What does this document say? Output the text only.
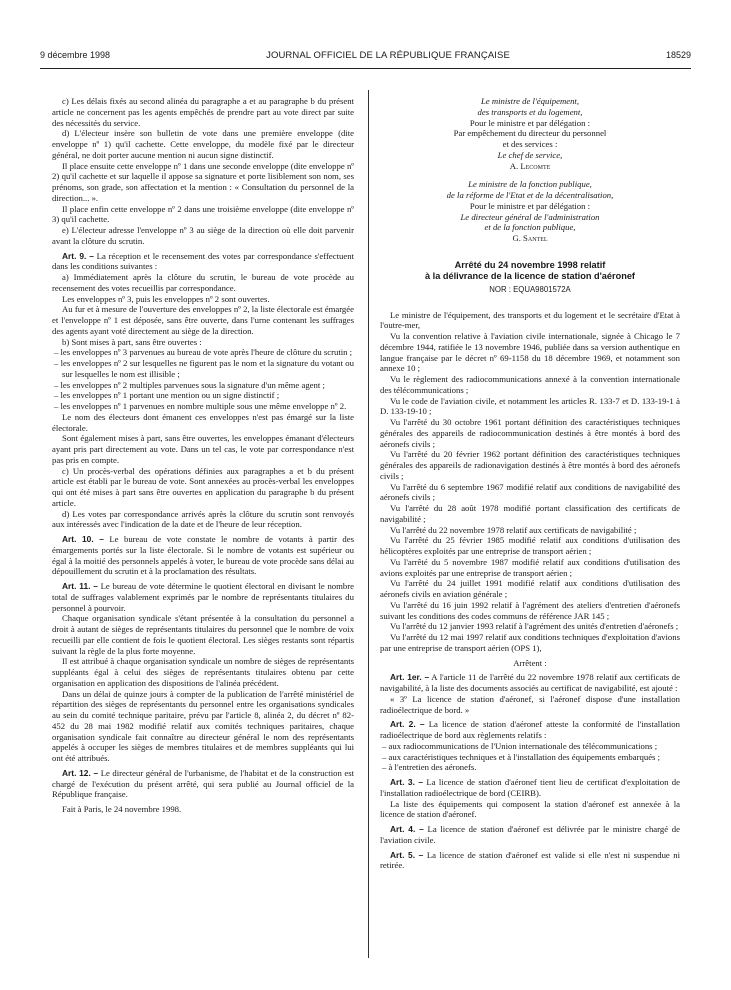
9 décembre 1998	JOURNAL OFFICIEL DE LA RÉPUBLIQUE FRANÇAISE	18529

c) Les délais fixés au second alinéa du paragraphe a et au paragraphe b du présent article ne concernent pas les agents empêchés de prendre part au vote direct par suite des nécessités du service.

d) L'électeur insère son bulletin de vote dans une première enveloppe (dite enveloppe nº 1) qu'il cachette. Cette enveloppe, du modèle fixé par le directeur général, ne doit porter aucune mention ni aucun signe distinctif.

Il place ensuite cette enveloppe nº 1 dans une seconde enveloppe (dite enveloppe nº 2) qu'il cachette et sur laquelle il appose sa signature et porte lisiblement son nom, ses prénoms, son grade, son affectation et la mention : « Consultation du personnel de la direction... ».

Il place enfin cette enveloppe nº 2 dans une troisième enveloppe (dite enveloppe nº 3) qu'il cachette.

e) L'électeur adresse l'enveloppe nº 3 au siège de la direction où elle doit parvenir avant la clôture du scrutin.

Art. 9. – La réception et le recensement des votes par correspondance s'effectuent dans les conditions suivantes :

a) Immédiatement après la clôture du scrutin, le bureau de vote procède au recensement des votes recueillis par correspondance.

Les enveloppes nº 3, puis les enveloppes nº 2 sont ouvertes.

Au fur et à mesure de l'ouverture des enveloppes nº 2, la liste électorale est émargée et l'enveloppe nº 1 est déposée, sans être ouverte, dans l'urne contenant les suffrages des agents ayant voté directement au siège de la direction.

b) Sont mises à part, sans être ouvertes :

– les enveloppes nº 3 parvenues au bureau de vote après l'heure de clôture du scrutin ;

– les enveloppes nº 2 sur lesquelles ne figurent pas le nom et la signature du votant ou sur lesquelles le nom est illisible ;

– les enveloppes nº 2 multiples parvenues sous la signature d'un même agent ;

– les enveloppes nº 1 portant une mention ou un signe distinctif ;

– les enveloppes nº 1 parvenues en nombre multiple sous une même enveloppe nº 2.

Le nom des électeurs dont émanent ces enveloppes n'est pas émargé sur la liste électorale.

Sont également mises à part, sans être ouvertes, les enveloppes émanant d'électeurs ayant pris part directement au vote. Dans un tel cas, le vote par correspondance n'est pas pris en compte.

c) Un procès-verbal des opérations définies aux paragraphes a et b du présent article est établi par le bureau de vote. Sont annexées au procès-verbal les enveloppes qui ont été mises à part sans être ouvertes en application du paragraphe b du présent article.

d) Les votes par correspondance arrivés après la clôture du scrutin sont renvoyés aux intéressés avec l'indication de la date et de l'heure de leur réception.

Art. 10. – Le bureau de vote constate le nombre de votants à partir des émargements portés sur la liste électorale. Si le nombre de votants est supérieur ou égal à la moitié des personnels appelés à voter, le bureau de vote procède sans délai au dépouillement du scrutin et à la proclamation des résultats.

Art. 11. – Le bureau de vote détermine le quotient électoral en divisant le nombre total de suffrages valablement exprimés par le nombre de représentants titulaires du personnel à pourvoir.

Chaque organisation syndicale s'étant présentée à la consultation du personnel a droit à autant de sièges de représentants titulaires du personnel que le nombre de voix recueilli par elle contient de fois le quotient électoral. Les sièges restants sont répartis suivant la règle de la plus forte moyenne.

Il est attribué à chaque organisation syndicale un nombre de sièges de représentants suppléants égal à celui des sièges de représentants titulaires obtenu par cette organisation en application des dispositions de l'alinéa précédent.

Dans un délai de quinze jours à compter de la publication de l'arrêté ministériel de répartition des sièges de représentants du personnel entre les organisations syndicales au sein du comité technique paritaire, prévu par l'article 8, alinéa 2, du décret nº 82-452 du 28 mai 1982 modifié relatif aux comités techniques paritaires, chaque organisation syndicale fait connaître au directeur général le nom des représentants appelés à occuper les sièges de membres titulaires et de membres suppléants qui lui ont été attribués.

Art. 12. – Le directeur général de l'urbanisme, de l'habitat et de la construction est chargé de l'exécution du présent arrêté, qui sera publié au Journal officiel de la République française.

Fait à Paris, le 24 novembre 1998.

Le ministre de l'équipement,

des transports et du logement,

Pour le ministre et par délégation :

Par empêchement du directeur du personnel

et des services :

Le chef de service,

A. Lecomte

Le ministre de la fonction publique,

de la réforme de l'Etat et de la décentralisation,

Pour le ministre et par délégation :

Le directeur général de l'administration

et de la fonction publique,

G. Santel

Arrêté du 24 novembre 1998 relatif

à la délivrance de la licence de station d'aéronef

NOR : EQUA9801572A

Le ministre de l'équipement, des transports et du logement et le secrétaire d'Etat à l'outre-mer,

Vu la convention relative à l'aviation civile internationale, signée à Chicago le 7 décembre 1944, ratifiée le 13 novembre 1946, publiée dans sa version authentique en langue française par le décret nº 69-1158 du 18 décembre 1969, et notamment son annexe 10 ;

Vu le règlement des radiocommunications annexé à la convention internationale des télécommunications ;

Vu le code de l'aviation civile, et notamment les articles R. 133-7 et D. 133-19-1 à D. 133-19-10 ;

Vu l'arrêté du 30 octobre 1961 portant définition des caractéristiques techniques générales des appareils de radiocommunication destinés à être montés à bord des aéronefs civils ;

Vu l'arrêté du 20 février 1962 portant définition des caractéristiques techniques générales des appareils de radionavigation destinés à être montés à bord des aéronefs civils ;

Vu l'arrêté du 6 septembre 1967 modifié relatif aux conditions de navigabilité des aéronefs civils ;

Vu l'arrêté du 28 août 1978 modifié portant classification des certificats de navigabilité ;

Vu l'arrêté du 22 novembre 1978 relatif aux certificats de navigabilité ;

Vu l'arrêté du 25 février 1985 modifié relatif aux conditions d'utilisation des hélicoptères exploités par une entreprise de transport aérien ;

Vu l'arrêté du 5 novembre 1987 modifié relatif aux conditions d'utilisation des avions exploités par une entreprise de transport aérien ;

Vu l'arrêté du 24 juillet 1991 modifié relatif aux conditions d'utilisation des aéronefs civils en aviation générale ;

Vu l'arrêté du 16 juin 1992 relatif à l'agrément des ateliers d'entretien d'aéronefs suivant les conditions des codes communs de référence JAR 145 ;

Vu l'arrêté du 12 janvier 1993 relatif à l'agrément des unités d'entretien d'aéronefs ;

Vu l'arrêté du 12 mai 1997 relatif aux conditions techniques d'exploitation d'avions par une entreprise de transport aérien (OPS 1),

Arrêtent :

Art. 1er. – A l'article 11 de l'arrêté du 22 novembre 1978 relatif aux certificats de navigabilité, à la liste des documents associés au certificat de navigabilité, est ajouté :

« 3º La licence de station d'aéronef, si l'aéronef dispose d'une installation radioélectrique de bord. »

Art. 2. – La licence de station d'aéronef atteste la conformité de l'installation radioélectrique de bord aux règlements relatifs :

– aux radiocommunications de l'Union internationale des télécommunications ;

– aux caractéristiques techniques et à l'installation des équipements embarqués ;

– à l'entretien des aéronefs.

Art. 3. – La licence de station d'aéronef tient lieu de certificat d'exploitation de l'installation radioélectrique de bord (CEIRB).

La liste des équipements qui composent la station d'aéronef est annexée à la licence de station d'aéronef.

Art. 4. – La licence de station d'aéronef est délivrée par le ministre chargé de l'aviation civile.

Art. 5. – La licence de station d'aéronef est valide si elle n'est ni suspendue ni retirée.
